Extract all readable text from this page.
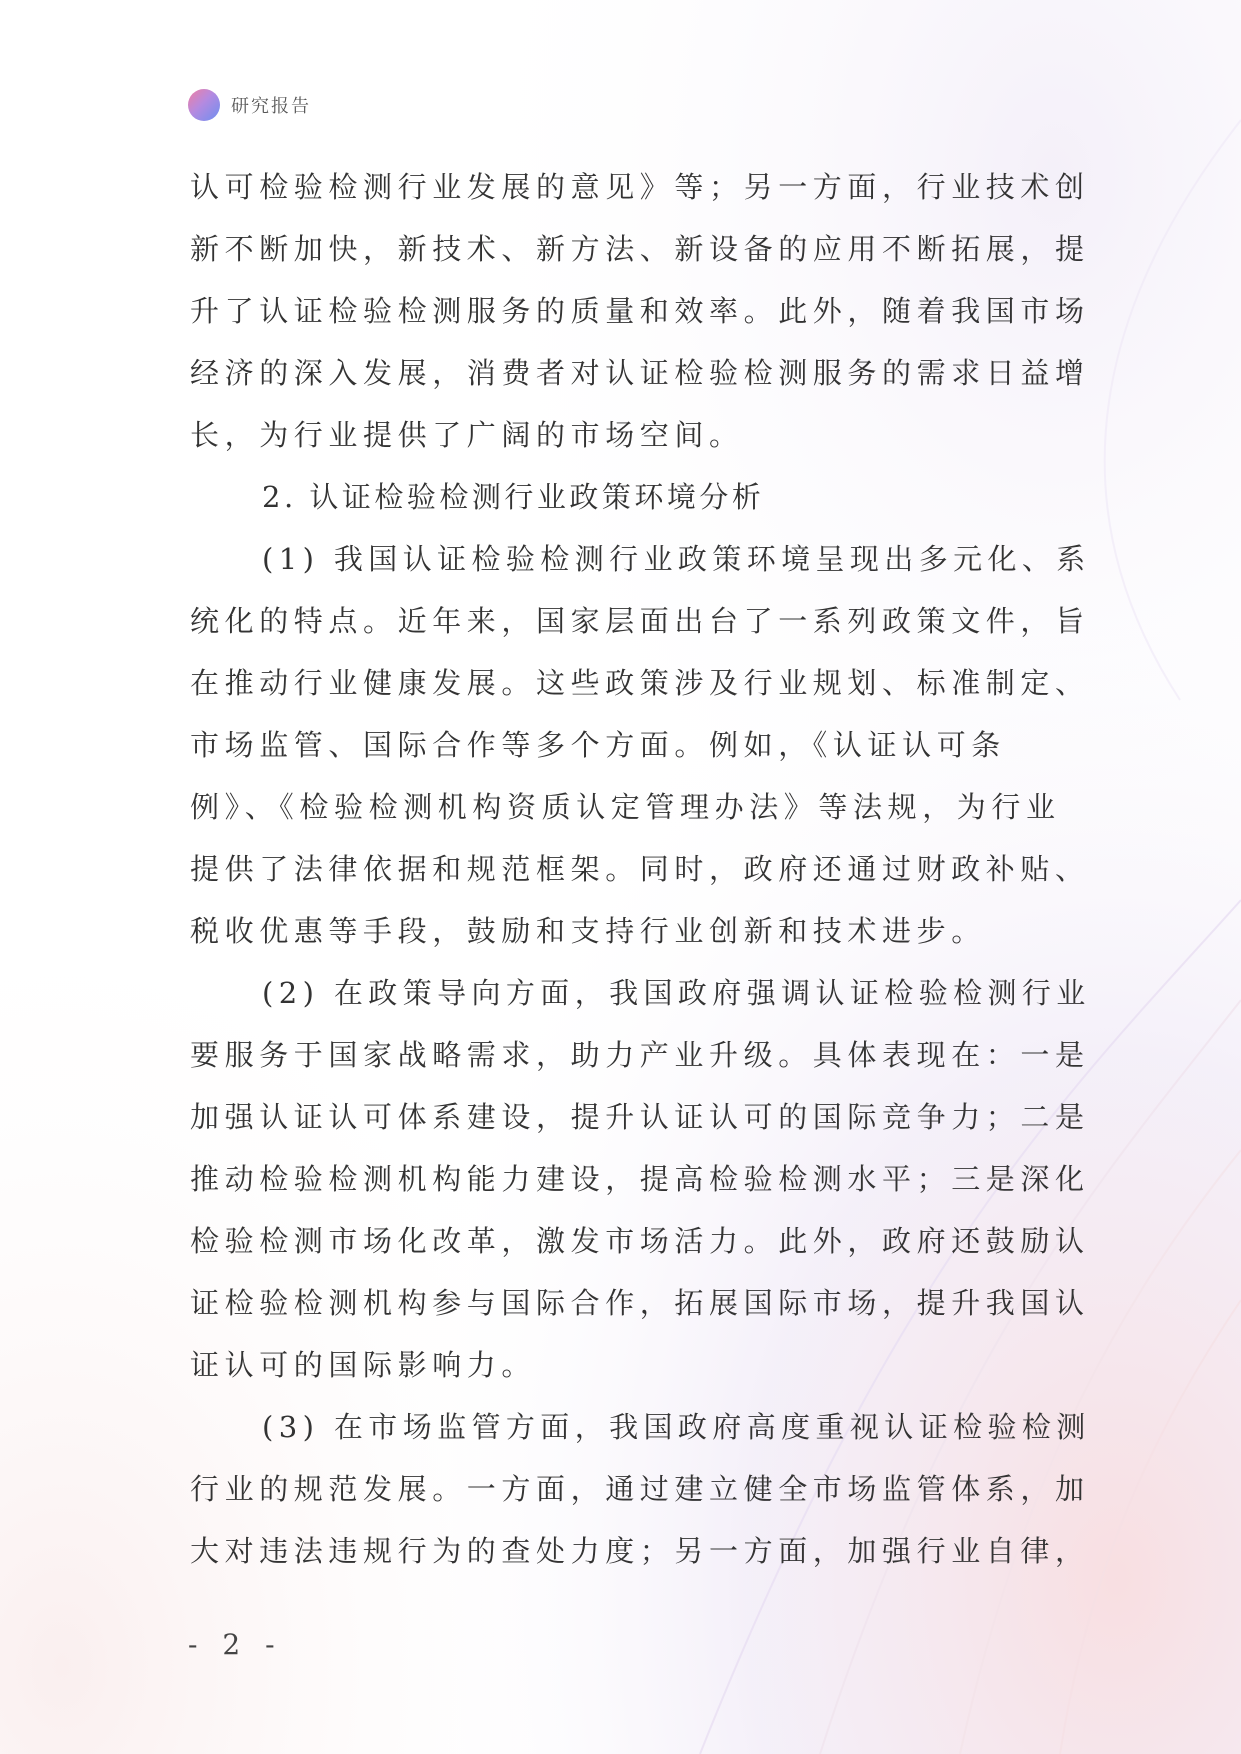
研究报告
认可检验检测行业发展的意见》等；另一方面，行业技术创
新不断加快，新技术、新方法、新设备的应用不断拓展，提
升了认证检验检测服务的质量和效率。此外，随着我国市场
经济的深入发展，消费者对认证检验检测服务的需求日益增
长，为行业提供了广阔的市场空间。
2. 认证检验检测行业政策环境分析
(1) 我国认证检验检测行业政策环境呈现出多元化、系
统化的特点。近年来，国家层面出台了一系列政策文件，旨
在推动行业健康发展。这些政策涉及行业规划、标准制定、
市场监管、国际合作等多个方面。例如，《认证认可条
例》、《检验检测机构资质认定管理办法》等法规，为行业
提供了法律依据和规范框架。同时，政府还通过财政补贴、
税收优惠等手段，鼓励和支持行业创新和技术进步。
(2) 在政策导向方面，我国政府强调认证检验检测行业
要服务于国家战略需求，助力产业升级。具体表现在：一是
加强认证认可体系建设，提升认证认可的国际竞争力；二是
推动检验检测机构能力建设，提高检验检测水平；三是深化
检验检测市场化改革，激发市场活力。此外，政府还鼓励认
证检验检测机构参与国际合作，拓展国际市场，提升我国认
证认可的国际影响力。
(3) 在市场监管方面，我国政府高度重视认证检验检测
行业的规范发展。一方面，通过建立健全市场监管体系，加
大对违法违规行为的查处力度；另一方面，加强行业自律，
- 2 -
